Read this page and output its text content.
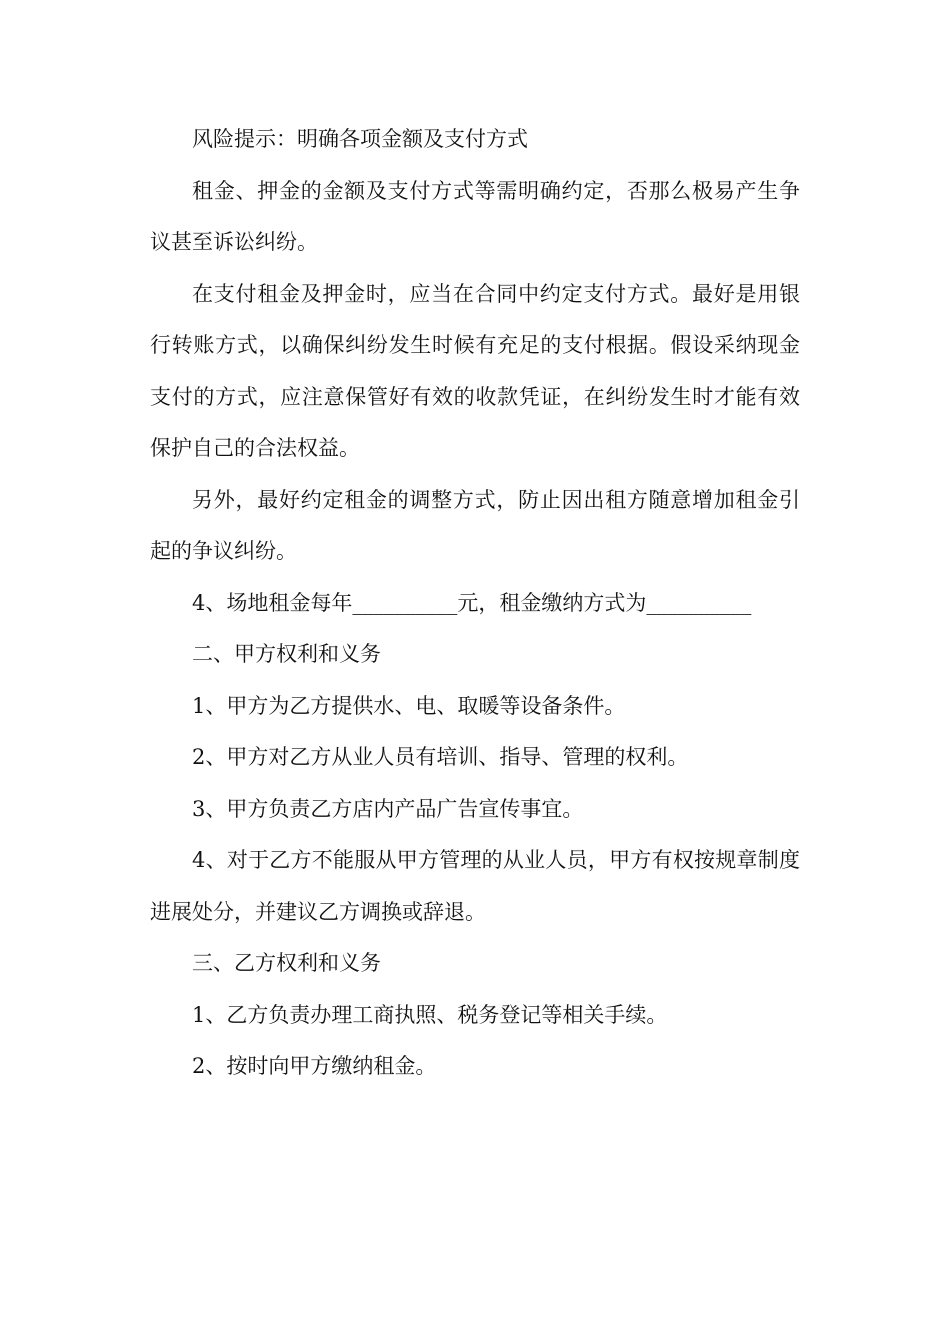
风险提示：明确各项金额及支付方式

租金、押金的金额及支付方式等需明确约定，否那么极易产生争议甚至诉讼纠纷。

在支付租金及押金时，应当在合同中约定支付方式。最好是用银行转账方式，以确保纠纷发生时候有充足的支付根据。假设采纳现金支付的方式，应注意保管好有效的收款凭证，在纠纷发生时才能有效保护自己的合法权益。

另外，最好约定租金的调整方式，防止因出租方随意增加租金引起的争议纠纷。

4、场地租金每年__________元，租金缴纳方式为__________

二、甲方权利和义务

1、甲方为乙方提供水、电、取暖等设备条件。

2、甲方对乙方从业人员有培训、指导、管理的权利。

3、甲方负责乙方店内产品广告宣传事宜。

4、对于乙方不能服从甲方管理的从业人员，甲方有权按规章制度进展处分，并建议乙方调换或辞退。

三、乙方权利和义务

1、乙方负责办理工商执照、税务登记等相关手续。

2、按时向甲方缴纳租金。
